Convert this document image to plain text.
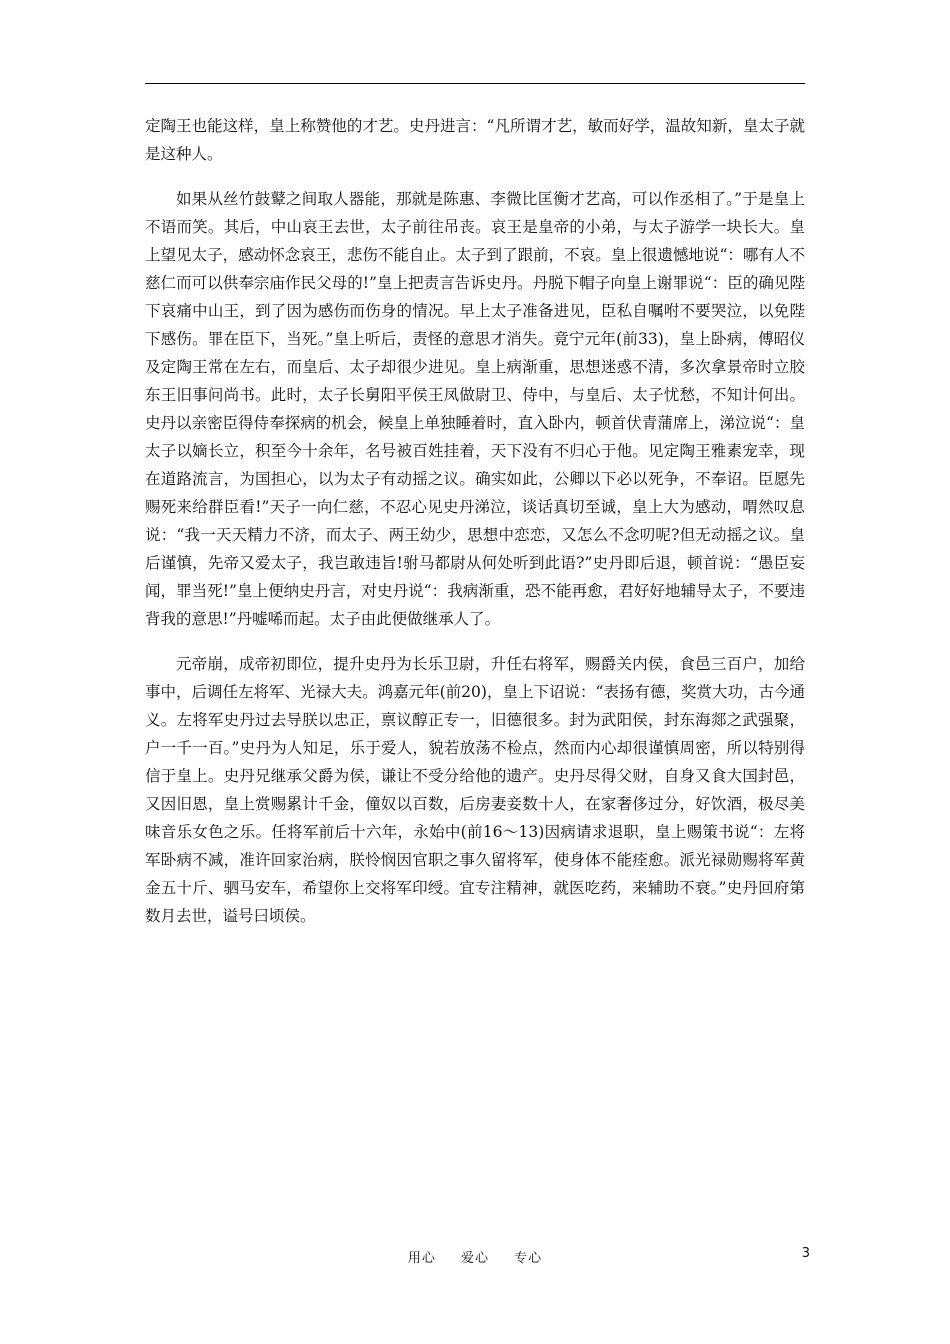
定陶王也能这样，皇上称赞他的才艺。史丹进言：“凡所谓才艺，敏而好学，温故知新，皇太子就是这种人。

如果从丝竹鼓鼙之间取人器能，那就是陈惠、李微比匡衡才艺高，可以作丞相了。”于是皇上不语而笑。其后，中山哀王去世，太子前往吊丧。哀王是皇帝的小弟，与太子游学一块长大。皇上望见太子，感动怀念哀王，悲伤不能自止。太子到了跟前，不哀。皇上很遗憾地说“：哪有人不慈仁而可以供奉宗庙作民父母的!”皇上把责言告诉史丹。丹脱下帽子向皇上谢罪说“：臣的确见陛下哀痛中山王，到了因为感伤而伤身的情况。早上太子准备进见，臣私自嘱咐不要哭泣，以免陛下感伤。罪在臣下，当死。”皇上听后，责怪的意思才消失。竟宁元年(前33)，皇上卧病，傅昭仪及定陶王常在左右，而皇后、太子却很少进见。皇上病渐重，思想迷惑不清，多次拿景帝时立胶东王旧事问尚书。此时，太子长舅阳平侯王凤做尉卫、侍中，与皇后、太子忧愁，不知计何出。史丹以亲密臣得侍奉探病的机会，候皇上单独睡着时，直入卧内，顿首伏青蒲席上，涕泣说“：皇太子以嫡长立，积至今十余年，名号被百姓挂着，天下没有不归心于他。见定陶王雅素宠幸，现在道路流言，为国担心，以为太子有动摇之议。确实如此，公卿以下必以死争，不奉诏。臣愿先赐死来给群臣看!”天子一向仁慈，不忍心见史丹涕泣，谈话真切至诚，皇上大为感动，喟然叹息说：“我一天天精力不济，而太子、两王幼少，思想中恋恋，又怎么不念叨呢?但无动摇之议。皇后谨慎，先帝又爱太子，我岂敢违旨!驸马都尉从何处听到此语?”史丹即后退，顿首说：“愚臣妄闻，罪当死!”皇上便纳史丹言，对史丹说“：我病渐重，恐不能再愈，君好好地辅导太子，不要违背我的意思!”丹嘘唏而起。太子由此便做继承人了。

元帝崩，成帝初即位，提升史丹为长乐卫尉，升任右将军，赐爵关内侯，食邑三百户，加给事中，后调任左将军、光禄大夫。鸿嘉元年(前20)，皇上下诏说：“表扬有德，奖赏大功，古今通义。左将军史丹过去导朕以忠正，禀议醇正专一，旧德很多。封为武阳侯，封东海郯之武强聚，户一千一百。”史丹为人知足，乐于爱人，貌若放荡不检点，然而内心却很谨慎周密，所以特别得信于皇上。史丹兄继承父爵为侯，谦让不受分给他的遗产。史丹尽得父财，自身又食大国封邑，又因旧恩，皇上赏赐累计千金，僮奴以百数，后房妻妾数十人，在家奢侈过分，好饮酒，极尽美味音乐女色之乐。任将军前后十六年，永始中(前16～13)因病请求退职，皇上赐策书说“：左将军卧病不减，准许回家治病，朕怜悯因官职之事久留将军，使身体不能痊愈。派光禄勋赐将军黄金五十斤、驷马安车，希望你上交将军印绶。宜专注精神，就医吃药，来辅助不衰。”史丹回府第数月去世，谥号曰顷侯。

用心 爱心 专心	3
